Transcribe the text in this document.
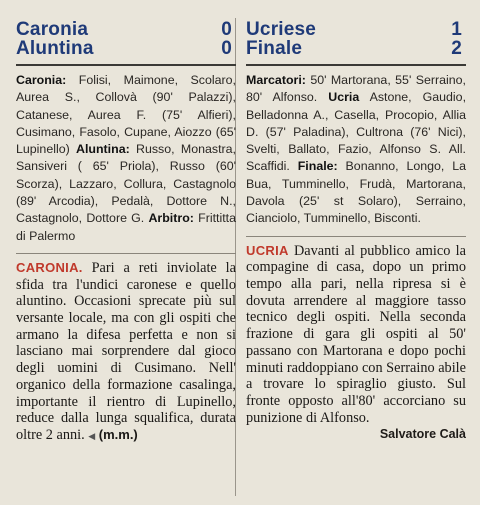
Caronia	0
Aluntina	0
Caronia: Folisi, Maimone, Scolaro, Aurea S., Collovà (90' Palazzi), Catanese, Aurea F. (75' Alfieri), Cusimano, Fasolo, Cupane, Aiozzo (65' Lupinello) Aluntina: Russo, Monastra, Sansiveri ( 65' Priola), Russo (60' Scorza), Lazzaro, Collura, Castagnolo (89' Arcodia), Pedalà, Dottore N., Castagnolo, Dottore G. Arbitro: Frittitta di Palermo
CARONIA. Pari a reti inviolate la sfida tra l'undici caronese e quello aluntino. Occasioni sprecate più sul versante locale, ma con gli ospiti che armano la difesa perfetta e non si lasciano mai sorprendere dal gioco degli uomini di Cusimano. Nell' organico della formazione casalinga, importante il rientro di Lupinello, reduce dalla lunga squalifica, durata oltre 2 anni. ◀ (m.m.)
Ucriese	1
Finale	2
Marcatori: 50' Martorana, 55' Serraino, 80' Alfonso. Ucria Astone, Gaudio, Belladonna A., Casella, Procopio, Allia D. (57' Paladina), Cultrona (76' Nici), Svelti, Ballato, Fazio, Alfonso S. All. Scaffidi. Finale: Bonanno, Longo, La Bua, Tumminello, Frudà, Martorana, Davola (25' st Solaro), Serraino, Cianciolo, Tumminello, Bisconti.
UCRIA Davanti al pubblico amico la compagine di casa, dopo un primo tempo alla pari, nella ripresa si è dovuta arrendere al maggiore tasso tecnico degli ospiti. Nella seconda frazione di gara gli ospiti al 50' passano con Martorana e dopo pochi minuti raddoppiano con Serraino abile a trovare lo spiraglio giusto. Sul fronte opposto all'80' accorciano su punizione di Alfonso.
Salvatore Calà
